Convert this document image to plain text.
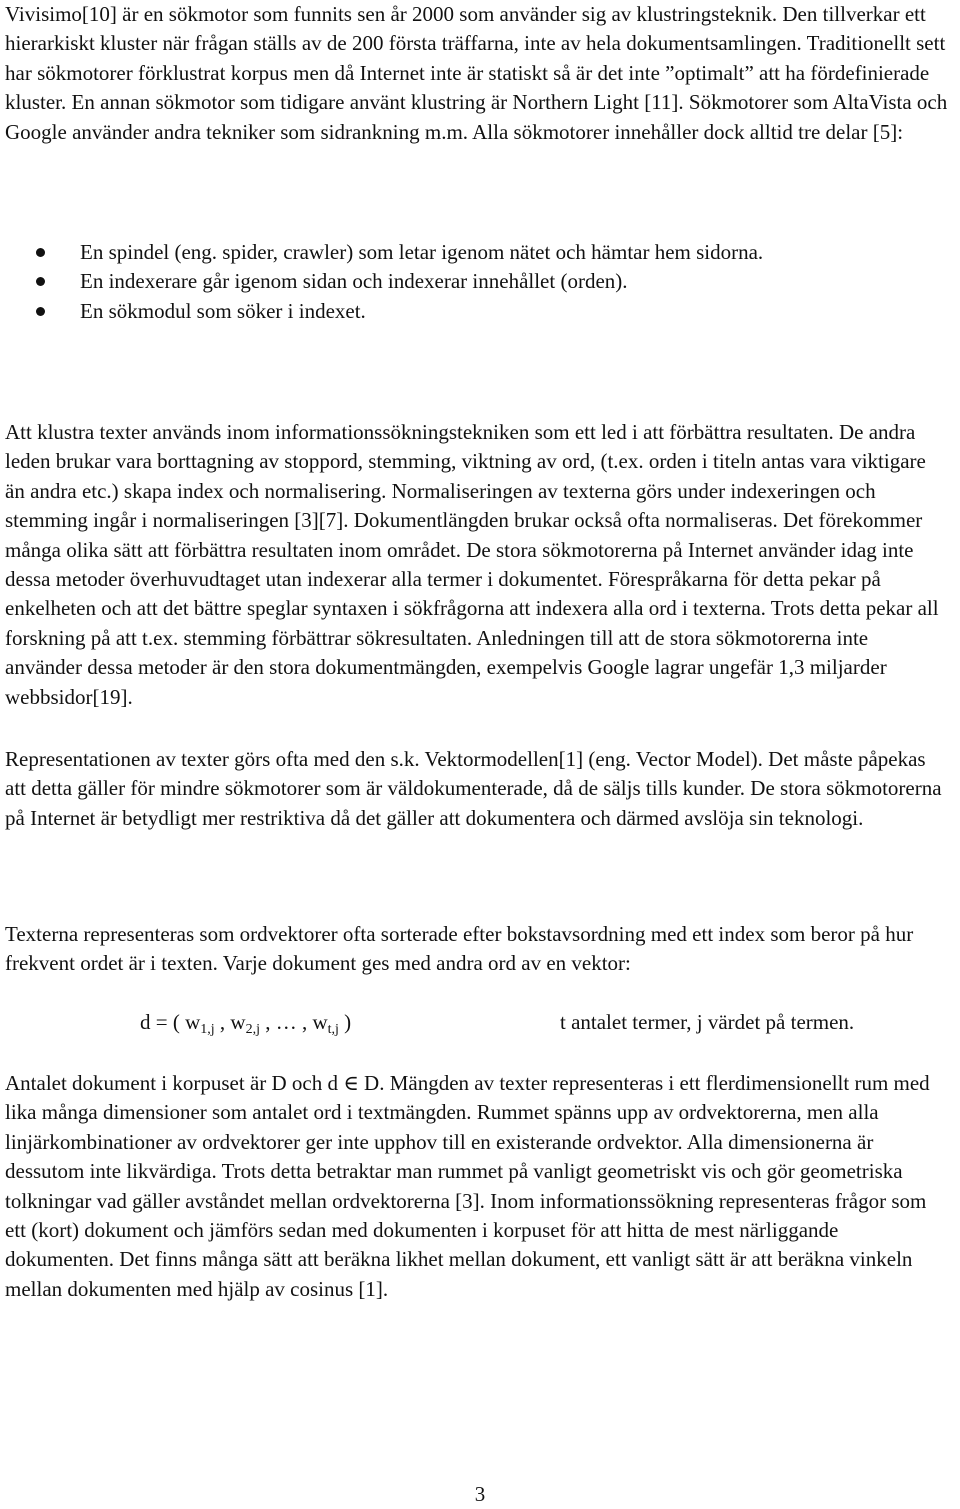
Vivisimo[10] är en sökmotor som funnits sen år 2000 som använder sig av klustringsteknik. Den tillverkar ett hierarkiskt kluster när frågan ställs av de 200 första träffarna, inte av hela dokumentsamlingen. Traditionellt sett har sökmotorer förklustrat korpus men då Internet inte är statiskt så är det inte ”optimalt” att ha fördefinierade kluster. En annan sökmotor som tidigare använt klustring är Northern Light [11]. Sökmotorer som AltaVista och Google använder andra tekniker som sidrankning m.m. Alla sökmotorer innehåller dock alltid tre delar [5]:

En spindel (eng. spider, crawler) som letar igenom nätet och hämtar hem sidorna.
En indexerare går igenom sidan och indexerar innehållet (orden).
En sökmodul som söker i indexet.

Att klustra texter används inom informationssökningstekniken som ett led i att förbättra resultaten. De andra leden brukar vara borttagning av stoppord, stemming, viktning av ord, (t.ex. orden i titeln antas vara viktigare än andra etc.) skapa index och normalisering. Normaliseringen av texterna görs under indexeringen och stemming ingår i normaliseringen [3][7]. Dokumentlängden brukar också ofta normaliseras. Det förekommer många olika sätt att förbättra resultaten inom området. De stora sökmotorerna på Internet använder idag inte dessa metoder överhuvudtaget utan indexerar alla termer i dokumentet. Förespråkarna för detta pekar på enkelheten och att det bättre speglar syntaxen i sökfrågorna att indexera alla ord i texterna. Trots detta pekar all forskning på att t.ex. stemming förbättrar sökresultaten. Anledningen till att de stora sökmotorerna inte använder dessa metoder är den stora dokumentmängden, exempelvis Google lagrar ungefär 1,3 miljarder webbsidor[19].

Representationen av texter görs ofta med den s.k. Vektormodellen[1] (eng. Vector Model). Det måste påpekas att detta gäller för mindre sökmotorer som är väldokumenterade, då de säljs tills kunder. De stora sökmotorerna på Internet är betydligt mer restriktiva då det gäller att dokumentera och därmed avslöja sin teknologi.

Texterna representeras som ordvektorer ofta sorterade efter bokstavsordning med ett index som beror på hur frekvent ordet är i texten. Varje dokument ges med andra ord av en vektor:

d = ( $w_{1,j}$ , $w_{2,j}$ , … , $w_{t,j}$ )	t antalet termer, j värdet på termen.

Antalet dokument i korpuset är D och d ∈ D. Mängden av texter representeras i ett flerdimensionellt rum med lika många dimensioner som antalet ord i textmängden. Rummet spänns upp av ordvektorerna, men alla linjärkombinationer av ordvektorer ger inte upphov till en existerande ordvektor. Alla dimensionerna är dessutom inte likvärdiga. Trots detta betraktar man rummet på vanligt geometriskt vis och gör geometriska tolkningar vad gäller avståndet mellan ordvektorerna [3]. Inom informationssökning representeras frågor som ett (kort) dokument och jämförs sedan med dokumenten i korpuset för att hitta de mest närliggande dokumenten. Det finns många sätt att beräkna likhet mellan dokument, ett vanligt sätt är att beräkna vinkeln mellan dokumenten med hjälp av cosinus [1].

3
